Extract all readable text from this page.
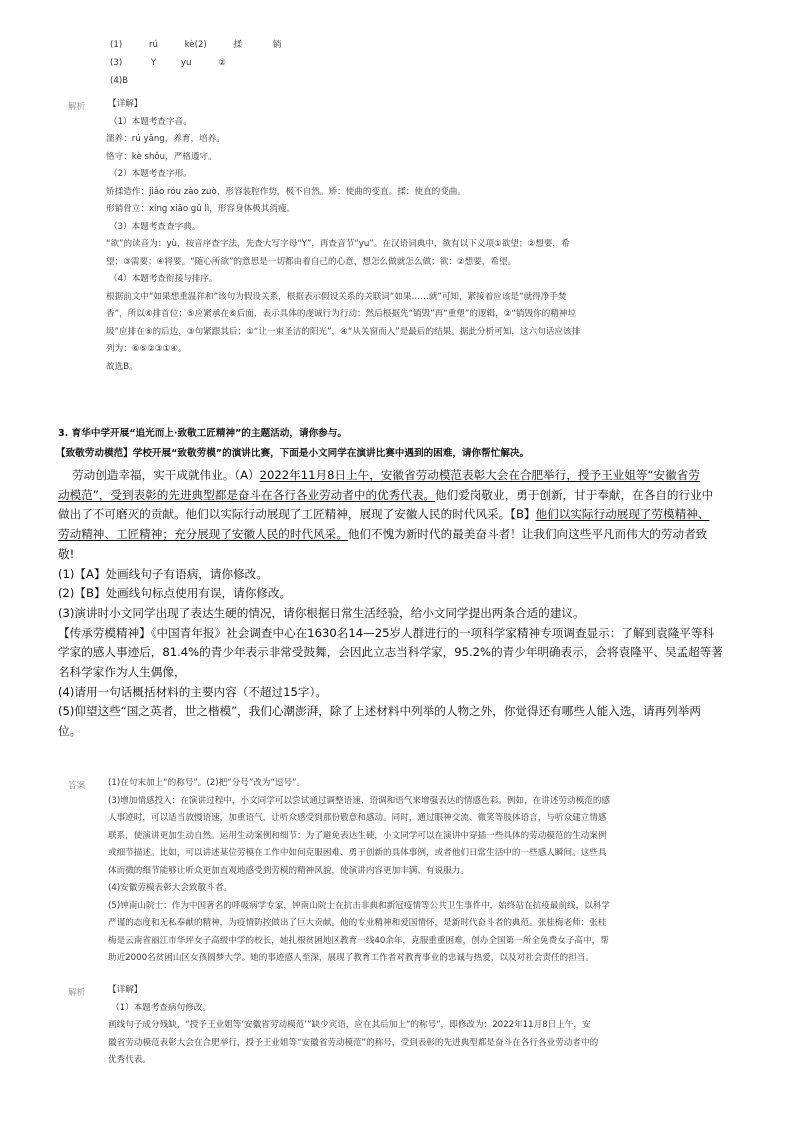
(1)	rú	kè(2)	揉	销
(3)	Y	yu	②
(4)B
解析	【详解】
（1）本题考查字音。
濡养：rú yǎng，养育，培养。
恪守：kè shǒu，严格遵守。
（2）本题考查字形。
矫揉造作：jiǎo róu zào zuò，形容装腔作势，极不自然。矫：使曲的变直。揉：使直的变曲。
形销骨立：xíng xiāo gǔ lì，形容身体极其消瘦。
（3）本题考查查字典。
“欲”的读音为：yù，按音序查字法，先查大写字母“Y”，再查音节“yu”。在汉语词典中，欲有以下义项①欲望；②想要，希
望；③需要；④将要。“随心所欲”的意思是一切都由着自己的心意，想怎么做就怎么做；欲：②想要，希望。
（4）本题考查衔接与排序。
根据前文中“如果想重温祥和”该句为假设关系，根据表示假设关系的关联词“如果……就”可知，紧接着应该是“就得净手焚
香”，所以⑥排首位；⑤应紧承在⑥后面，表示具体的虔诚行为行动；然后根据先“销毁”再“重塑”的逻辑，②“销毁你的精神垃
圾”应排在⑤的后边，③句紧跟其后；①“让一束圣洁的阳光”，④“从关窗而入”是最后的结果。据此分析可知，这六句话应该排
列为：⑥⑤②③①④。
故选B。
3. 育华中学开展“追光而上·致敬工匠精神”的主题活动，请你参与。
【致敬劳动模范】学校开展“致敬劳模”的演讲比赛，下面是小文同学在演讲比赛中遇到的困难，请你帮忙解决。
劳动创造幸福，实干成就伟业。（A）2022年11月8日上午，安徽省劳动模范表彰大会在合肥举行，授予王业姐等“安徽省劳
动模范”，受到表彰的先进典型都是奋斗在各行各业劳动者中的优秀代表。他们爱岗敬业，勇于创新，甘于奉献，在各自的行业中
做出了不可磨灭的贡献。他们以实际行动展现了工匠精神，展现了安徽人民的时代风采。【B】他们以实际行动展现了劳模精神、
劳动精神、工匠精神；充分展现了安徽人民的时代风采。他们不愧为新时代的最美奋斗者！让我们向这些平凡而伟大的劳动者致
敬!
(1)【A】处画线句子有语病，请你修改。
(2)【B】处画线句标点使用有误，请你修改。
(3)演讲时小文同学出现了表达生硬的情况，请你根据日常生活经验，给小文同学提出两条合适的建议。
【传承劳模精神】《中国青年报》社会调查中心在1630名14—25岁人群进行的一项科学家精神专项调查显示：了解到袁隆平等科
学家的感人事迹后，81.4%的青少年表示非常受鼓舞，会因此立志当科学家，95.2%的青少年明确表示，会将袁隆平、吴孟超等著
名科学家作为人生偶像，
(4)请用一句话概括材料的主要内容（不超过15字）。
(5)仰望这些“国之英者，世之楷模”，我们心潮澎湃，除了上述材料中列举的人物之外，你觉得还有哪些人能入选，请再列举两
位。
答案	(1)在句末加上“的称号”。(2)把“分号”改为“逗号”。
(3)增加情感投入：在演讲过程中，小文同学可以尝试通过调整语速、语调和语气来增强表达的情感色彩。例如，在讲述劳动模范的感
人事迹时，可以适当放慢语速，加重语气，让听众感受到那份敬意和感动。同时，通过眼神交流、微笑等肢体语言，与听众建立情感
联系，使演讲更加生动自然。运用生动案例和细节：为了避免表达生硬，小文同学可以在演讲中穿插一些具体的劳动模范的生动案例
或细节描述。比如，可以讲述某位劳模在工作中如何克服困难、勇于创新的具体事例，或者他们日常生活中的一些感人瞬间。这些具
体而微的细节能够让听众更加直观地感受到劳模的精神风貌，使演讲内容更加丰满、有说服力。
(4)安徽劳模表彰大会致敬斗者。
(5)钟南山院士：作为中国著名的呼吸病学专家，钟南山院士在抗击非典和新冠疫情等公共卫生事件中，始终站在抗疫最前线，以科学
严谨的态度和无私奉献的精神，为疫情防控做出了巨大贡献。他的专业精神和爱国情怀，是新时代奋斗者的典范。张桂梅老师：张桂
梅是云南省丽江市华坪女子高级中学的校长，她扎根贫困地区教育一线40余年，克服重重困难，创办全国第一所全免费女子高中，帮
助近2000名贫困山区女孩圆梦大学。她的事迹感人至深，展现了教育工作者对教育事业的忠诚与热爱，以及对社会责任的担当。
解析	【详解】
（1）本题考查病句修改。
画线句子成分残缺，“授予王业姐等‘安徽省劳动模范’”缺少宾语，应在其后加上“的称号”，即修改为：2022年11月8日上午，安
徽省劳动模范表彰大会在合肥举行，授予王业姐等“安徽省劳动模范”的称号，受到表彰的先进典型都是奋斗在各行各业劳动者中的
优秀代表。
